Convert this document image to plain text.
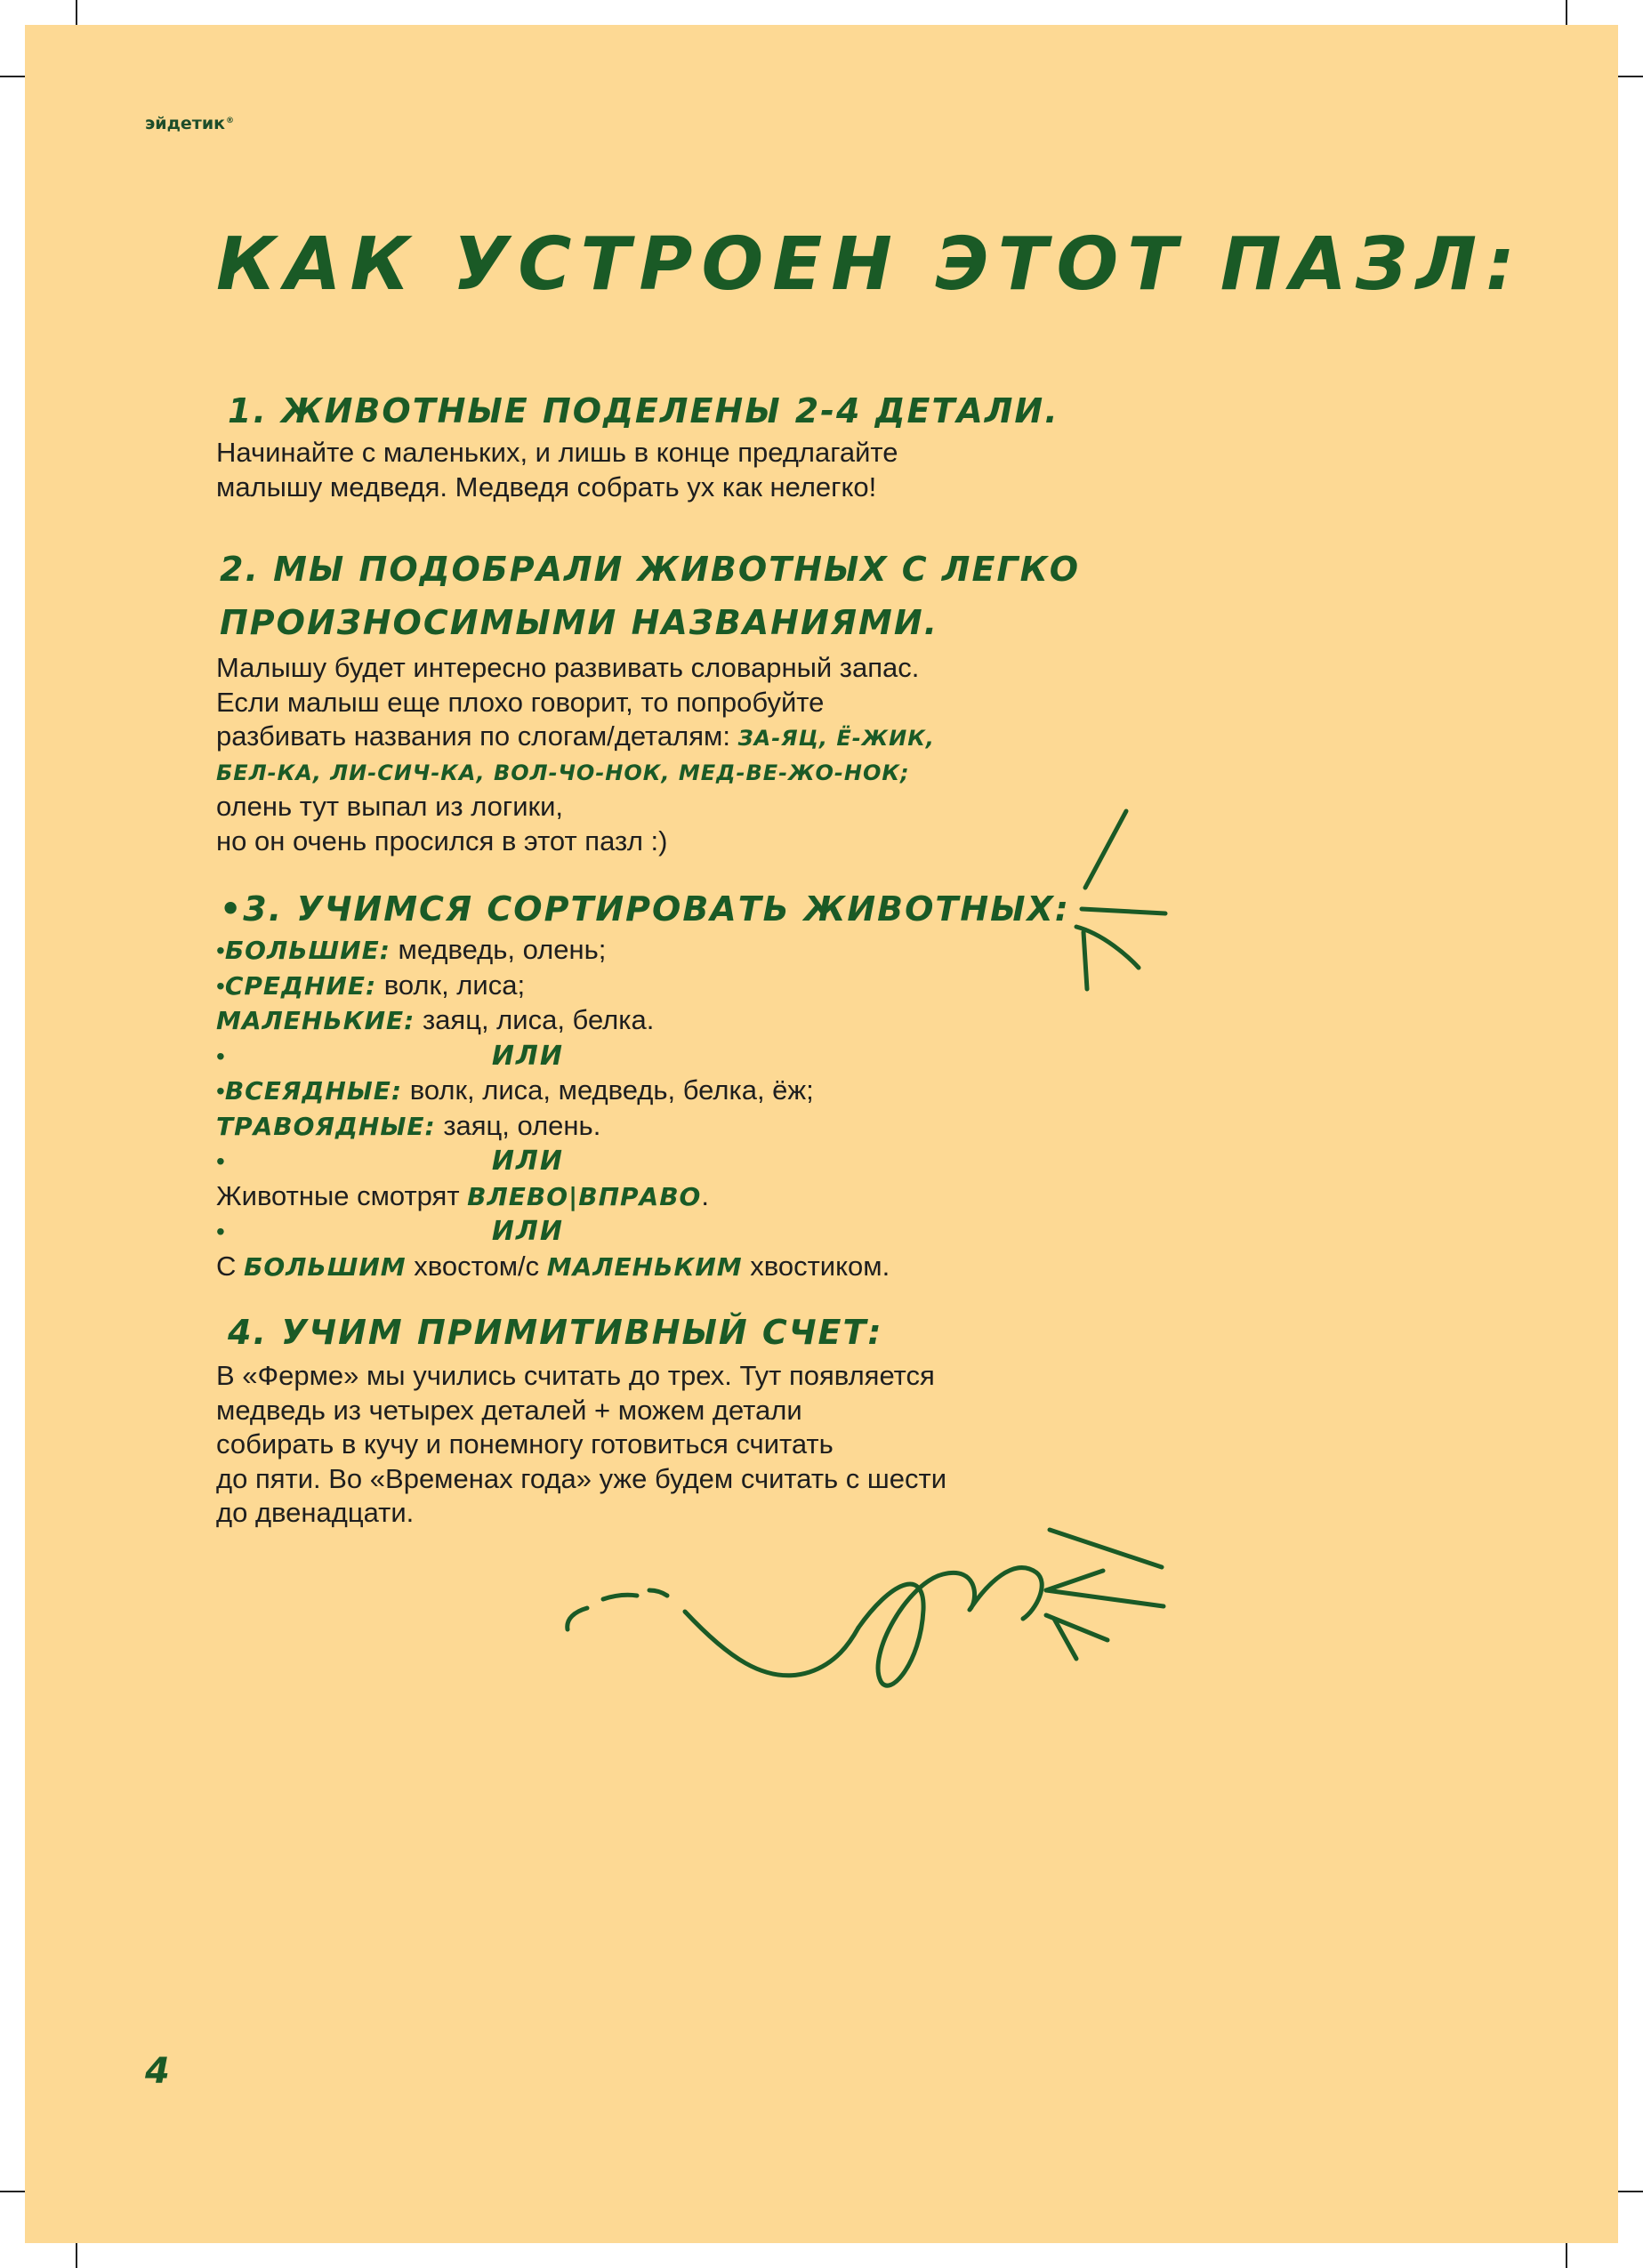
эйдетик®
КАК УСТРОЕН ЭТОТ ПАЗЛ:
1. ЖИВОТНЫЕ ПОДЕЛЕНЫ 2-4 ДЕТАЛИ.
Начинайте с маленьких, и лишь в конце предлагайте
малышу медведя. Медведя собрать ух как нелегко!
2. МЫ ПОДОБРАЛИ ЖИВОТНЫХ С ЛЕГКО
ПРОИЗНОСИМЫМИ НАЗВАНИЯМИ.
Малышу будет интересно развивать словарный запас.
Если малыш еще плохо говорит, то попробуйте
разбивать названия по слогам/деталям: ЗА-ЯЦ, Ё-ЖИК,
БЕЛ-КА, ЛИ-СИЧ-КА, ВОЛ-ЧО-НОК, МЕД-ВЕ-ЖО-НОК;
олень тут выпал из логики,
но он очень просился в этот пазл :)
•3. УЧИМСЯ СОРТИРОВАТЬ ЖИВОТНЫХ:
•БОЛЬШИЕ: медведь, олень;
•СРЕДНИЕ: волк, лиса;
МАЛЕНЬКИЕ: заяц, лиса, белка.
•	ИЛИ
•ВСЕЯДНЫЕ: волк, лиса, медведь, белка, ёж;
ТРАВОЯДНЫЕ: заяц, олень.
•	ИЛИ
Животные смотрят ВЛЕВО|ВПРАВО.
•	ИЛИ
С БОЛЬШИМ хвостом/с МАЛЕНЬКИМ хвостиком.
4. УЧИМ ПРИМИТИВНЫЙ СЧЕТ:
В «Ферме» мы учились считать до трех. Тут появляется
медведь из четырех деталей + можем детали
собирать в кучу и понемногу готовиться считать
до пяти. Во «Временах года» уже будем считать с шести
до двенадцати.
4
